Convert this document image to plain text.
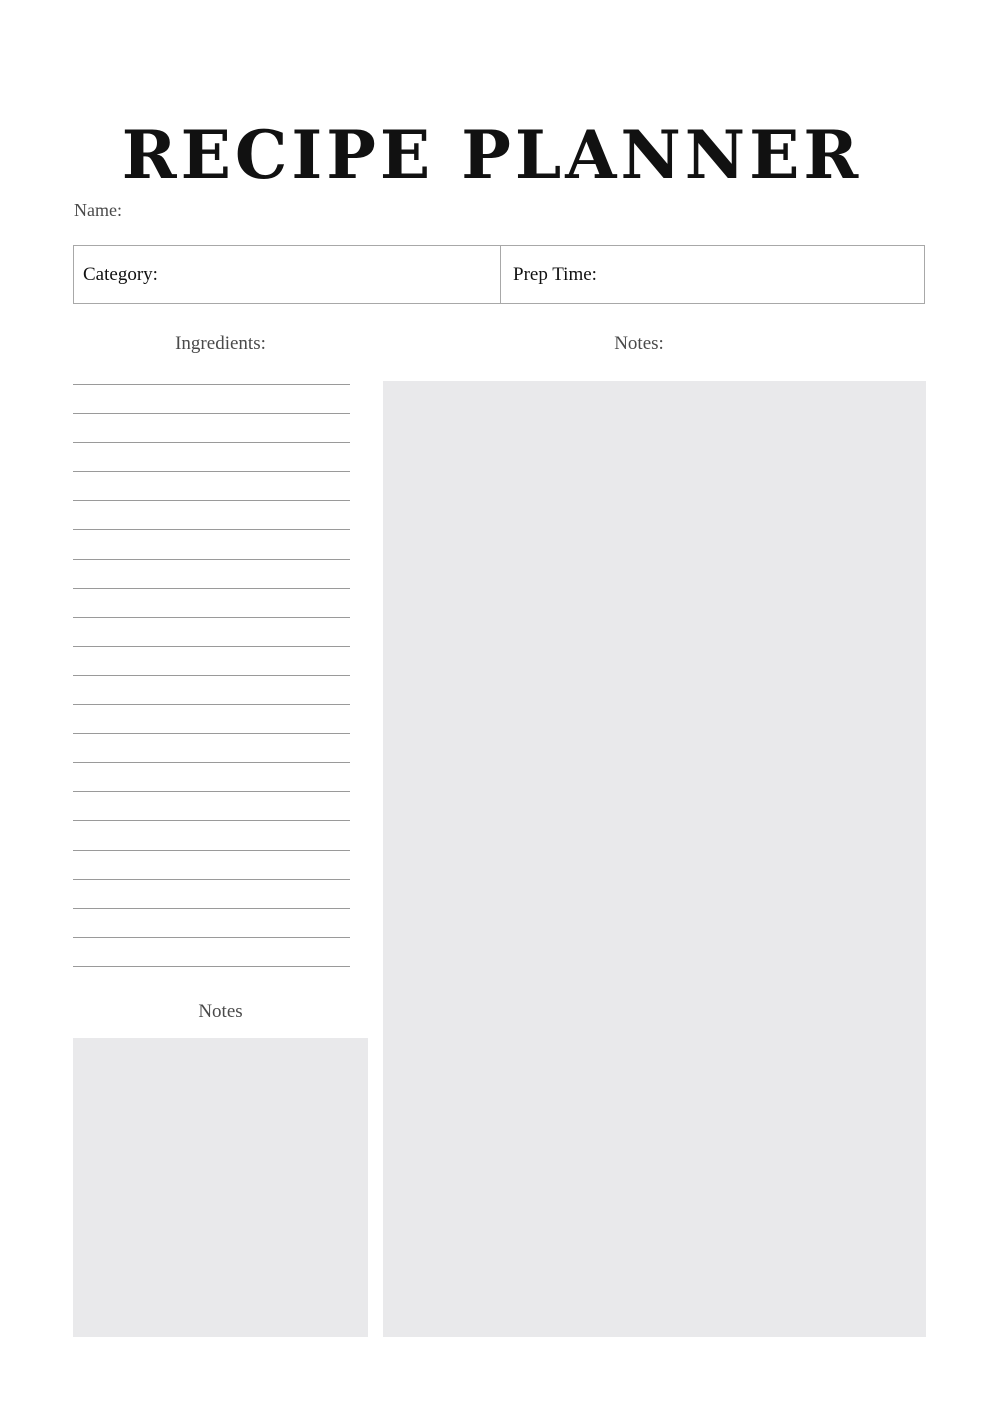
RECIPE PLANNER
Name:
Category:	Prep Time:
Ingredients:	Notes:
Notes
